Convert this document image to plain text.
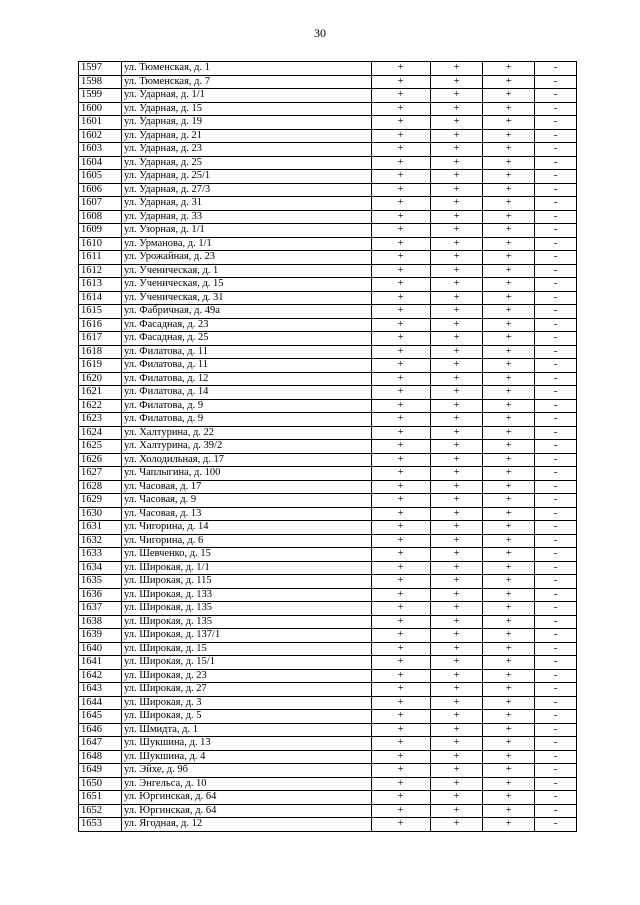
30
1597	ул. Тюменская, д. 1	+	+	+	-
1598	ул. Тюменская, д. 7	+	+	+	-
1599	ул. Ударная, д. 1/1	+	+	+	-
1600	ул. Ударная, д. 15	+	+	+	-
1601	ул. Ударная, д. 19	+	+	+	-
1602	ул. Ударная, д. 21	+	+	+	-
1603	ул. Ударная, д. 23	+	+	+	-
1604	ул. Ударная, д. 25	+	+	+	-
1605	ул. Ударная, д. 25/1	+	+	+	-
1606	ул. Ударная, д. 27/3	+	+	+	-
1607	ул. Ударная, д. 31	+	+	+	-
1608	ул. Ударная, д. 33	+	+	+	-
1609	ул. Узорная, д. 1/1	+	+	+	-
1610	ул. Урманова, д. 1/1	+	+	+	-
1611	ул. Урожайная, д. 23	+	+	+	-
1612	ул. Ученическая, д. 1	+	+	+	-
1613	ул. Ученическая, д. 15	+	+	+	-
1614	ул. Ученическая, д. 31	+	+	+	-
1615	ул. Фабричная, д. 49а	+	+	+	-
1616	ул. Фасадная, д. 23	+	+	+	-
1617	ул. Фасадная, д. 25	+	+	+	-
1618	ул. Филатова, д. 11	+	+	+	-
1619	ул. Филатова, д. 11	+	+	+	-
1620	ул. Филатова, д. 12	+	+	+	-
1621	ул. Филатова, д. 14	+	+	+	-
1622	ул. Филатова, д. 9	+	+	+	-
1623	ул. Филатова, д. 9	+	+	+	-
1624	ул. Халтурина, д. 22	+	+	+	-
1625	ул. Халтурина, д. 39/2	+	+	+	-
1626	ул. Холодильная, д. 17	+	+	+	-
1627	ул. Чаплыгина, д. 100	+	+	+	-
1628	ул. Часовая, д. 17	+	+	+	-
1629	ул. Часовая, д. 9	+	+	+	-
1630	ул. Часовая, д. 13	+	+	+	-
1631	ул. Чигорина, д. 14	+	+	+	-
1632	ул. Чигорина, д. 6	+	+	+	-
1633	ул. Шевченко, д. 15	+	+	+	-
1634	ул. Широкая, д. 1/1	+	+	+	-
1635	ул. Широкая, д. 115	+	+	+	-
1636	ул. Широкая, д. 133	+	+	+	-
1637	ул. Широкая, д. 135	+	+	+	-
1638	ул. Широкая, д. 135	+	+	+	-
1639	ул. Широкая, д. 137/1	+	+	+	-
1640	ул. Широкая, д. 15	+	+	+	-
1641	ул. Широкая, д. 15/1	+	+	+	-
1642	ул. Широкая, д. 23	+	+	+	-
1643	ул. Широкая, д. 27	+	+	+	-
1644	ул. Широкая, д. 3	+	+	+	-
1645	ул. Широкая, д. 5	+	+	+	-
1646	ул. Шмидта, д. 1	+	+	+	-
1647	ул. Шукшина, д. 13	+	+	+	-
1648	ул. Шукшина, д. 4	+	+	+	-
1649	ул. Эйхе, д. 9б	+	+	+	-
1650	ул. Энгельса, д. 10	+	+	+	-
1651	ул. Юргинская, д. 64	+	+	+	-
1652	ул. Юргинская, д. 64	+	+	+	-
1653	ул. Ягодная, д. 12	+	+	+	-
